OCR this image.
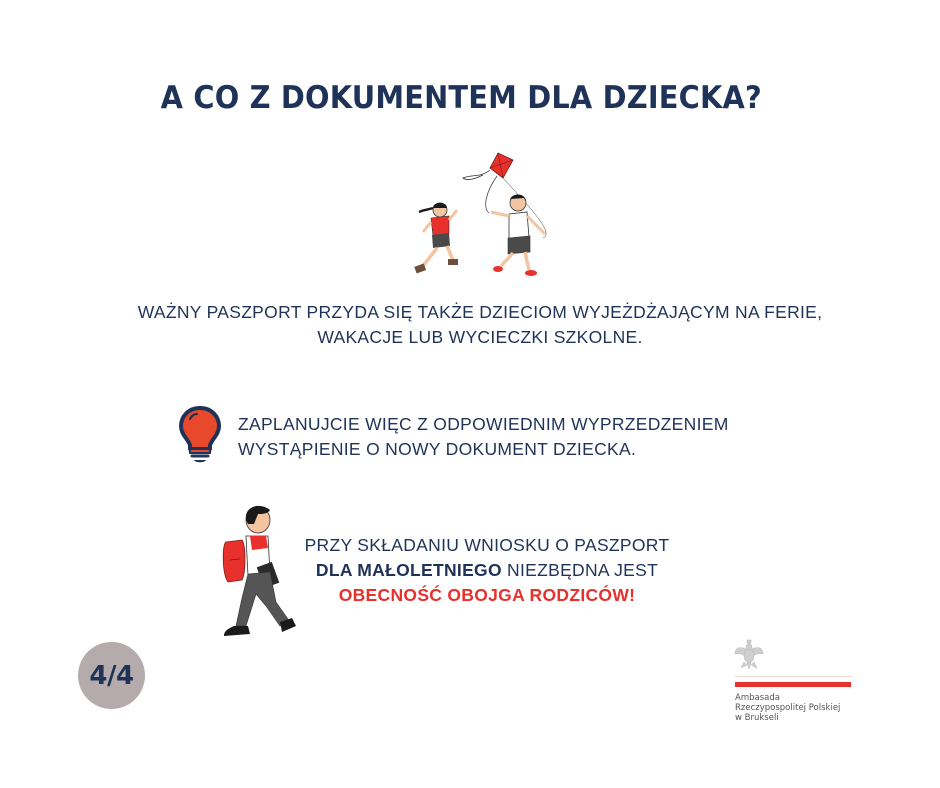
A CO Z DOKUMENTEM DLA DZIECKA?
WAŻNY PASZPORT PRZYDA SIĘ TAKŻE DZIECIOM WYJEŻDŻAJĄCYM NA FERIE,
WAKACJE LUB WYCIECZKI SZKOLNE.
ZAPLANUJCIE WIĘC Z ODPOWIEDNIM WYPRZEDZENIEM
WYSTĄPIENIE O NOWY DOKUMENT DZIECKA.
PRZY SKŁADANIU WNIOSKU O PASZPORT
DLA MAŁOLETNIEGO NIEZBĘDNA JEST
OBECNOŚĆ OBOJGA RODZICÓW!
4/4
Ambasada
Rzeczypospolitej Polskiej
w Brukseli
